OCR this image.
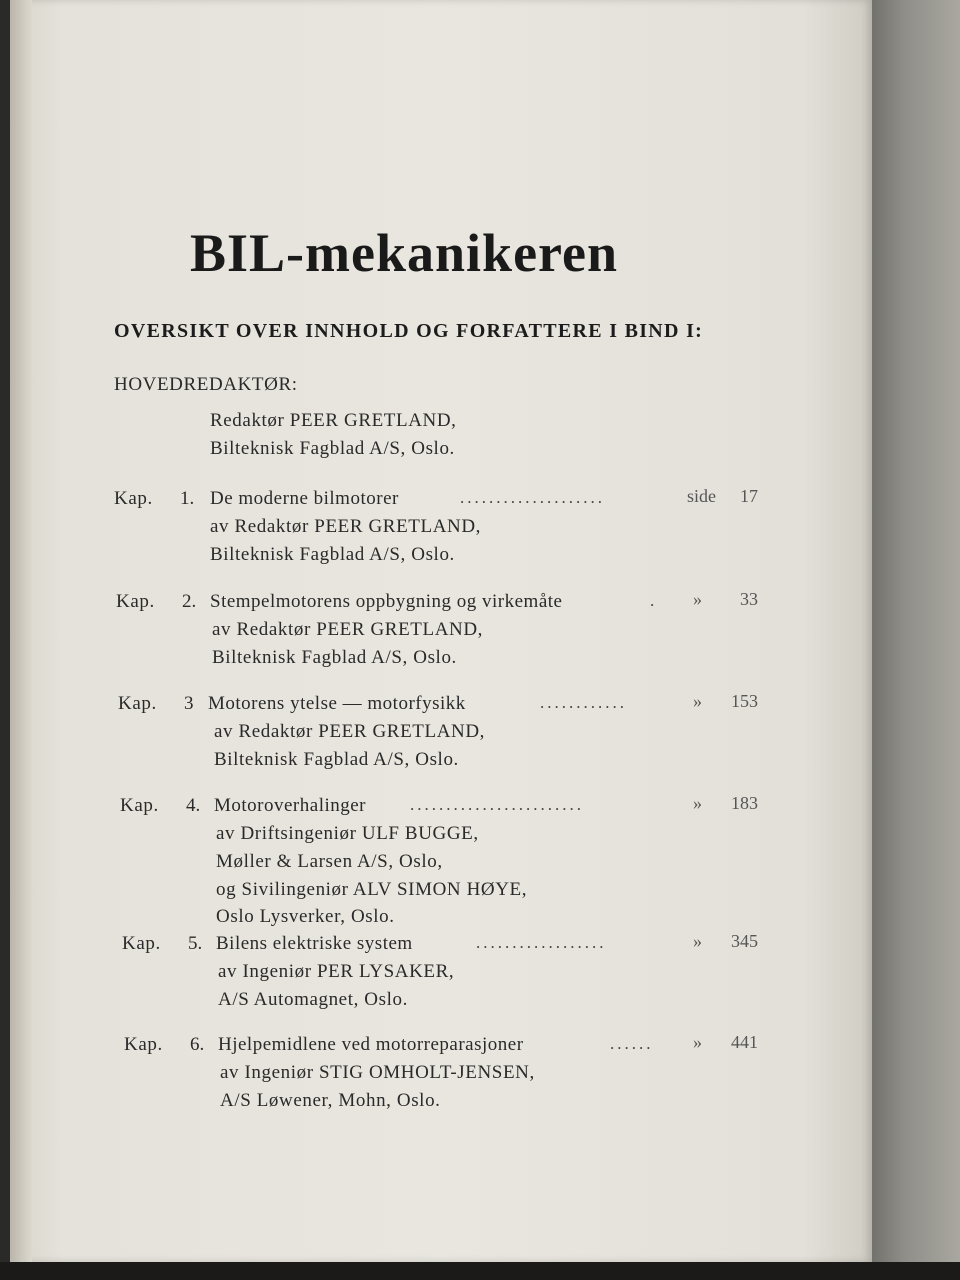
BIL-mekanikeren
OVERSIKT OVER INNHOLD OG FORFATTERE I BIND I:
HOVEDREDAKTØR:
Redaktør PEER GRETLAND,
Bilteknisk Fagblad A/S, Oslo.
Kap. 1. De moderne bilmotorer	....................	side	17
av Redaktør PEER GRETLAND,
Bilteknisk Fagblad A/S, Oslo.
Kap. 2. Stempelmotorens oppbygning og virkemåte	.	»	33
av Redaktør PEER GRETLAND,
Bilteknisk Fagblad A/S, Oslo.
Kap. 3 Motorens ytelse — motorfysikk	............	»	153
av Redaktør PEER GRETLAND,
Bilteknisk Fagblad A/S, Oslo.
Kap. 4. Motoroverhalinger	........................	»	183
av Driftsingeniør ULF BUGGE,
Møller & Larsen A/S, Oslo,
og Sivilingeniør ALV SIMON HØYE,
Oslo Lysverker, Oslo.
Kap. 5. Bilens elektriske system	..................	»	345
av Ingeniør PER LYSAKER,
A/S Automagnet, Oslo.
Kap. 6. Hjelpemidlene ved motorreparasjoner	......	»	441
av Ingeniør STIG OMHOLT-JENSEN,
A/S Løwener, Mohn, Oslo.
